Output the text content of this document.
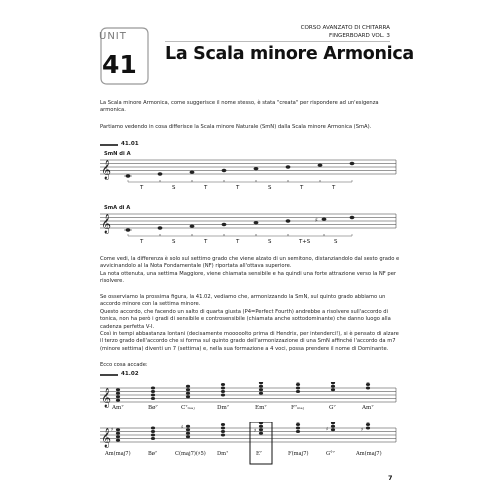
UNIT
41
CORSO AVANZATO DI CHITARRA
FINGERBOARD VOL. 3
La Scala minore Armonica
La Scala minore Armonica, come suggerisce il nome stesso, è stata "creata" per rispondere ad un'esigenza armonica.
Partiamo vedendo in cosa differisce la Scala minore Naturale (SmN) dalla Scala minore Armonica (SmA).
41.01
SmN di A
𝄞
T	S	T	T	S	T	T
SmA di A
𝄞	♯
T	S	T	T	S	T+S	S
Come vedi, la differenza è solo sul settimo grado che viene alzato di un semitono, distanziandolo dal sesto grado e avvicinandolo al la Nota Fondamentale (NF) riportata all'ottava superiore.
La nota ottenuta, una settima Maggiore, viene chiamata sensibile e ha quindi una forte attrazione verso la NF per risolvere.
Se osserviamo la prossima figura, la 41.02, vediamo che, armonizzando la SmN, sul quinto grado abbiamo un accordo minore con la settima minore.
Questo accordo, che facendo un salto di quarta giusta (P4=Perfect Fourth) andrebbe a risolvere sull'accordo di tonica, non ha però i gradi di sensibile e controsensibile (chiamata anche sottodominante) che danno luogo alla cadenza perfetta V-I.
Così in tempi abbastanza lontani (decisamente mooooolto prima di Hendrix, per intenderci!), si è pensato di alzare il terzo grado dell'accordo che si forma sul quinto grado dell'armonizzazione di una SmN affinché l'accordo da m7 (minore settima) diventi un 7 (settima) e, nella sua formazione a 4 voci, possa prendere il nome di Dominante.
Ecco cosa accade:
41.02
𝄞 Am⁷	Bø⁷	C⁷ₘₐⱼ	Dm⁷	Em⁷	F⁷ₘₐⱼ	G⁷	Am⁷
𝄞 ♯	♯
♯	♯	♯
Am(maj7)	Bø⁷	C(maj7)(♯5) Dm⁷	E⁷	F(maj7)	G°⁷	Am(maj7)
7
